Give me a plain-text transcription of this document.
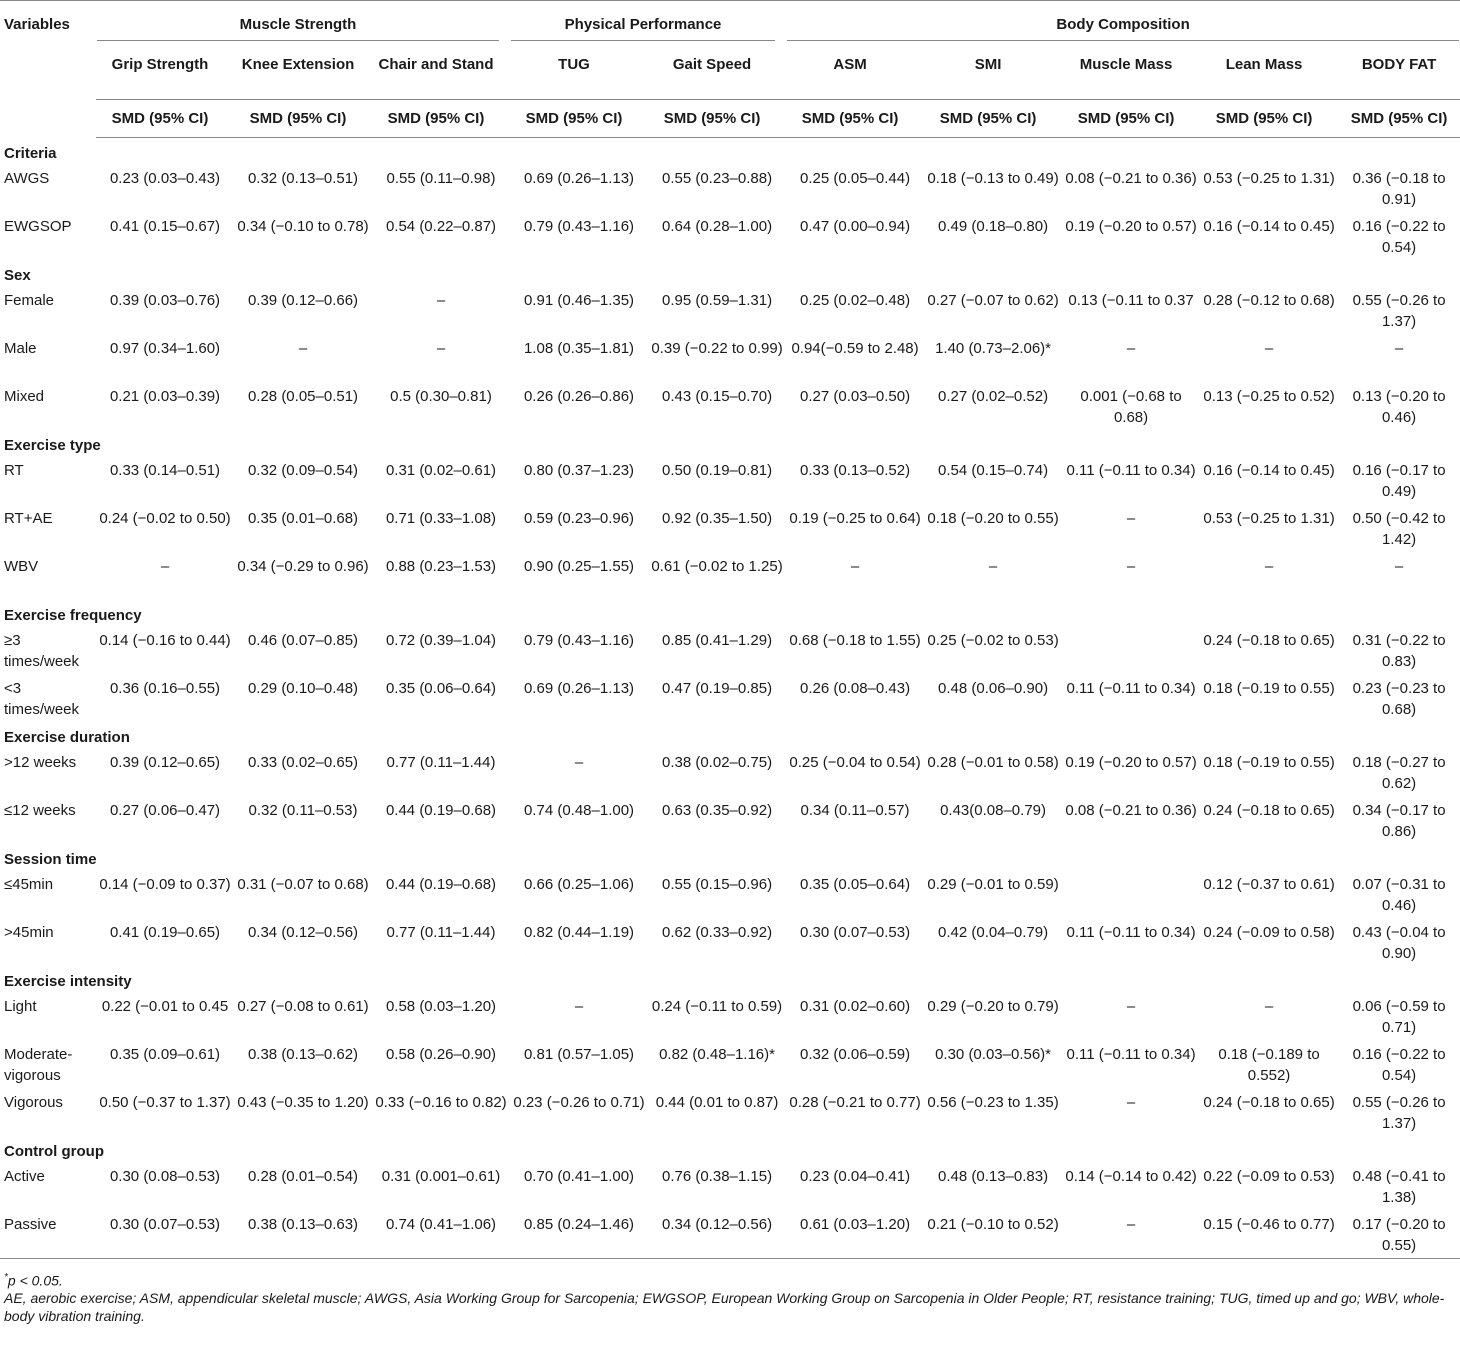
Variables	Muscle Strength						Physical Performance				Body Composition								

	Grip Strength		Knee Extension		Chair and Stand		TUG		Gait Speed		ASM		SMI		Muscle Mass		Lean Mass		BODY FAT
	SMD (95% CI)		SMD (95% CI)		SMD (95% CI)		SMD (95% CI)		SMD (95% CI)		SMD (95% CI)		SMD (95% CI)		SMD (95% CI)		SMD (95% CI)		SMD (95% CI)
Criteria																			
AWGS	0.23 (0.03–0.43)		0.32 (0.13–0.51)		0.55 (0.11–0.98)		0.69 (0.26–1.13)		0.55 (0.23–0.88)		0.25 (0.05–0.44)		0.18 (−0.13 to 0.49)		0.08 (−0.21 to 0.36)		0.53 (−0.25 to 1.31)		0.36 (−0.18 to 0.91)
EWGSOP	0.41 (0.15–0.67)		0.34 (−0.10 to 0.78)		0.54 (0.22–0.87)		0.79 (0.43–1.16)		0.64 (0.28–1.00)		0.47 (0.00–0.94)		0.49 (0.18–0.80)		0.19 (−0.20 to 0.57)		0.16 (−0.14 to 0.45)		0.16 (−0.22 to 0.54)
Sex																			
Female	0.39 (0.03–0.76)		0.39 (0.12–0.66)		–		0.91 (0.46–1.35)		0.95 (0.59–1.31)		0.25 (0.02–0.48)		0.27 (−0.07 to 0.62)		0.13 (−0.11 to 0.37		0.28 (−0.12 to 0.68)		0.55 (−0.26 to 1.37)
Male	0.97 (0.34–1.60)		–		–		1.08 (0.35–1.81)		0.39 (−0.22 to 0.99)		0.94(−0.59 to 2.48)		1.40 (0.73–2.06)*		–		–		–
Mixed	0.21 (0.03–0.39)		0.28 (0.05–0.51)		0.5 (0.30–0.81)		0.26 (0.26–0.86)		0.43 (0.15–0.70)		0.27 (0.03–0.50)		0.27 (0.02–0.52)		0.001 (−0.68 to 0.68)		0.13 (−0.25 to 0.52)		0.13 (−0.20 to 0.46)
Exercise type																			
RT	0.33 (0.14–0.51)		0.32 (0.09–0.54)		0.31 (0.02–0.61)		0.80 (0.37–1.23)		0.50 (0.19–0.81)		0.33 (0.13–0.52)		0.54 (0.15–0.74)		0.11 (−0.11 to 0.34)		0.16 (−0.14 to 0.45)		0.16 (−0.17 to 0.49)
RT+AE	0.24 (−0.02 to 0.50)		0.35 (0.01–0.68)		0.71 (0.33–1.08)		0.59 (0.23–0.96)		0.92 (0.35–1.50)		0.19 (−0.25 to 0.64)		0.18 (−0.20 to 0.55)		–		0.53 (−0.25 to 1.31)		0.50 (−0.42 to 1.42)
WBV	–		0.34 (−0.29 to 0.96)		0.88 (0.23–1.53)		0.90 (0.25–1.55)		0.61 (−0.02 to 1.25)		–		–		–		–		–
Exercise frequency																			
≥3 times/week	0.14 (−0.16 to 0.44)		0.46 (0.07–0.85)		0.72 (0.39–1.04)		0.79 (0.43–1.16)		0.85 (0.41–1.29)		0.68 (−0.18 to 1.55)		0.25 (−0.02 to 0.53)				0.24 (−0.18 to 0.65)		0.31 (−0.22 to 0.83)
<3 times/week	0.36 (0.16–0.55)		0.29 (0.10–0.48)		0.35 (0.06–0.64)		0.69 (0.26–1.13)		0.47 (0.19–0.85)		0.26 (0.08–0.43)		0.48 (0.06–0.90)		0.11 (−0.11 to 0.34)		0.18 (−0.19 to 0.55)		0.23 (−0.23 to 0.68)
Exercise duration																			
>12 weeks	0.39 (0.12–0.65)		0.33 (0.02–0.65)		0.77 (0.11–1.44)		–		0.38 (0.02–0.75)		0.25 (−0.04 to 0.54)		0.28 (−0.01 to 0.58)		0.19 (−0.20 to 0.57)		0.18 (−0.19 to 0.55)		0.18 (−0.27 to 0.62)
≤12 weeks	0.27 (0.06–0.47)		0.32 (0.11–0.53)		0.44 (0.19–0.68)		0.74 (0.48–1.00)		0.63 (0.35–0.92)		0.34 (0.11–0.57)		0.43(0.08–0.79)		0.08 (−0.21 to 0.36)		0.24 (−0.18 to 0.65)		0.34 (−0.17 to 0.86)
Session time																			
≤45min	0.14 (−0.09 to 0.37)		0.31 (−0.07 to 0.68)		0.44 (0.19–0.68)		0.66 (0.25–1.06)		0.55 (0.15–0.96)		0.35 (0.05–0.64)		0.29 (−0.01 to 0.59)				0.12 (−0.37 to 0.61)		0.07 (−0.31 to 0.46)
>45min	0.41 (0.19–0.65)		0.34 (0.12–0.56)		0.77 (0.11–1.44)		0.82 (0.44–1.19)		0.62 (0.33–0.92)		0.30 (0.07–0.53)		0.42 (0.04–0.79)		0.11 (−0.11 to 0.34)		0.24 (−0.09 to 0.58)		0.43 (−0.04 to 0.90)
Exercise intensity																			
Light	0.22 (−0.01 to 0.45		0.27 (−0.08 to 0.61)		0.58 (0.03–1.20)		–		0.24 (−0.11 to 0.59)		0.31 (0.02–0.60)		0.29 (−0.20 to 0.79)		–		–		0.06 (−0.59 to 0.71)
Moderate-vigorous	0.35 (0.09–0.61)		0.38 (0.13–0.62)		0.58 (0.26–0.90)		0.81 (0.57–1.05)		0.82 (0.48–1.16)*		0.32 (0.06–0.59)		0.30 (0.03–0.56)*		0.11 (−0.11 to 0.34)		0.18 (−0.189 to 0.552)		0.16 (−0.22 to 0.54)
Vigorous	0.50 (−0.37 to 1.37)		0.43 (−0.35 to 1.20)		0.33 (−0.16 to 0.82)		0.23 (−0.26 to 0.71)		0.44 (0.01 to 0.87)		0.28 (−0.21 to 0.77)		0.56 (−0.23 to 1.35)		–		0.24 (−0.18 to 0.65)		0.55 (−0.26 to 1.37)
Control group																			
Active	0.30 (0.08–0.53)		0.28 (0.01–0.54)		0.31 (0.001–0.61)		0.70 (0.41–1.00)		0.76 (0.38–1.15)		0.23 (0.04–0.41)		0.48 (0.13–0.83)		0.14 (−0.14 to 0.42)		0.22 (−0.09 to 0.53)		0.48 (−0.41 to 1.38)
Passive	0.30 (0.07–0.53)		0.38 (0.13–0.63)		0.74 (0.41–1.06)		0.85 (0.24–1.46)		0.34 (0.12–0.56)		0.61 (0.03–1.20)		0.21 (−0.10 to 0.52)		–		0.15 (−0.46 to 0.77)		0.17 (−0.20 to 0.55)
*p < 0.05.
AE, aerobic exercise; ASM, appendicular skeletal muscle; AWGS, Asia Working Group for Sarcopenia; EWGSOP, European Working Group on Sarcopenia in Older People; RT, resistance training; TUG, timed up and go; WBV, whole-body vibration training.
